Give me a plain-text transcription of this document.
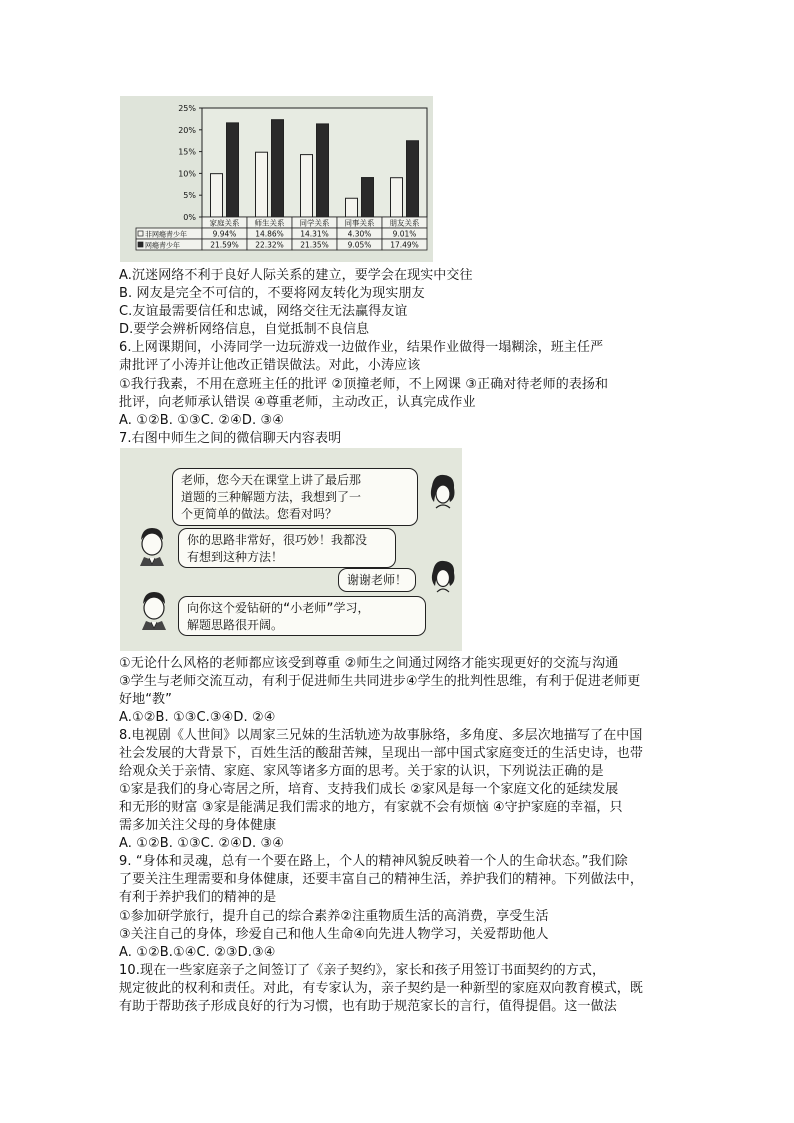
25%
20%
15%
10%
5%
0%
家庭关系 师生关系 同学关系 同事关系 朋友关系
非网瘾青少年	9.94%	14.86% 14.31%	4.30%	9.01%
网瘾青少年	21.59% 22.32% 21.35%	9.05%	17.49%

A.沉迷网络不利于良好人际关系的建立，要学会在现实中交往

B. 网友是完全不可信的，不要将网友转化为现实朋友

C.友谊最需要信任和忠诚，网络交往无法赢得友谊

D.要学会辨析网络信息，自觉抵制不良信息

6.上网课期间，小涛同学一边玩游戏一边做作业，结果作业做得一塌糊涂，班主任严

肃批评了小涛并让他改正错误做法。对此，小涛应该

①我行我素，不用在意班主任的批评 ②顶撞老师，不上网课 ③正确对待老师的表扬和

批评，向老师承认错误 ④尊重老师，主动改正，认真完成作业

A. ①②B. ①③C. ②④D. ③④

7.右图中师生之间的微信聊天内容表明

老师，您今天在课堂上讲了最后那
道题的三种解题方法，我想到了一
个更简单的做法。您看对吗？
你的思路非常好，很巧妙！我都没
有想到这种方法！
谢谢老师！
向你这个爱钻研的“小老师”学习，
解题思路很开阔。

①无论什么风格的老师都应该受到尊重 ②师生之间通过网络才能实现更好的交流与沟通

③学生与老师交流互动，有利于促进师生共同进步④学生的批判性思维，有利于促进老师更

好地“教”

A.①②B. ①③C.③④D. ②④

8.电视剧《人世间》以周家三兄妹的生活轨迹为故事脉络，多角度、多层次地描写了在中国

社会发展的大背景下，百姓生活的酸甜苦辣，呈现出一部中国式家庭变迁的生活史诗，也带

给观众关于亲情、家庭、家风等诸多方面的思考。关于家的认识，下列说法正确的是

①家是我们的身心寄居之所，培育、支持我们成长 ②家风是每一个家庭文化的延续发展

和无形的财富 ③家是能满足我们需求的地方，有家就不会有烦恼 ④守护家庭的幸福，只

需多加关注父母的身体健康

A. ①②B. ①③C. ②④D. ③④

9. “身体和灵魂，总有一个要在路上，个人的精神风貌反映着一个人的生命状态。”我们除

了要关注生理需要和身体健康，还要丰富自己的精神生活，养护我们的精神。下列做法中，

有利于养护我们的精神的是

①参加研学旅行，提升自己的综合素养②注重物质生活的高消费，享受生活

③关注自己的身体，珍爱自己和他人生命④向先进人物学习，关爱帮助他人

A. ①②B.①④C. ②③D.③④

10.现在一些家庭亲子之间签订了《亲子契约》，家长和孩子用签订书面契约的方式，

规定彼此的权利和责任。对此，有专家认为，亲子契约是一种新型的家庭双向教育模式，既

有助于帮助孩子形成良好的行为习惯，也有助于规范家长的言行，值得提倡。这一做法
